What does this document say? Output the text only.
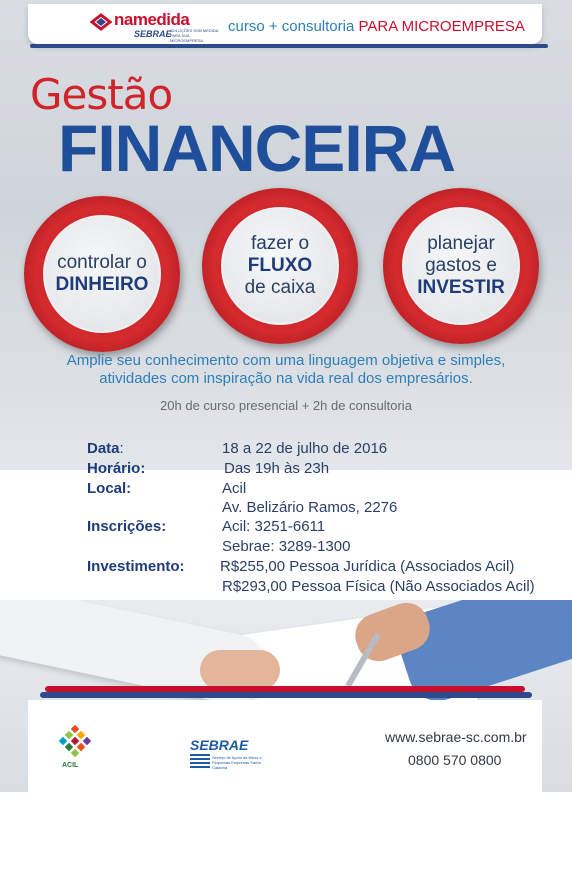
namedida
SEBRAE
SOLUÇÕES SOB MEDIDA PARA SUA MICROEMPRESA
curso + consultoria PARA MICROEMPRESA
Gestão
FINANCEIRA
controlar o
DINHEIRO
fazer o
FLUXO
de caixa
planejar
gastos e
INVESTIR
Amplie seu conhecimento com uma linguagem objetiva e simples,
atividades com inspiração na vida real dos empresários.
20h de curso presencial + 2h de consultoria
Data:	18 a 22 de julho de 2016
Horário:	Das 19h às 23h
Local:	Acil
Av. Belizário Ramos, 2276
Inscrições:	Acil: 3251-6611
Sebrae: 3289-1300
Investimento: R$255,00 Pessoa Jurídica (Associados Acil)
R$293,00 Pessoa Física (Não Associados Acil)
ACIL
SEBRAE
Serviço de Apoio às Micro e Pequenas Empresas Santa Catarina
www.sebrae-sc.com.br
0800 570 0800
